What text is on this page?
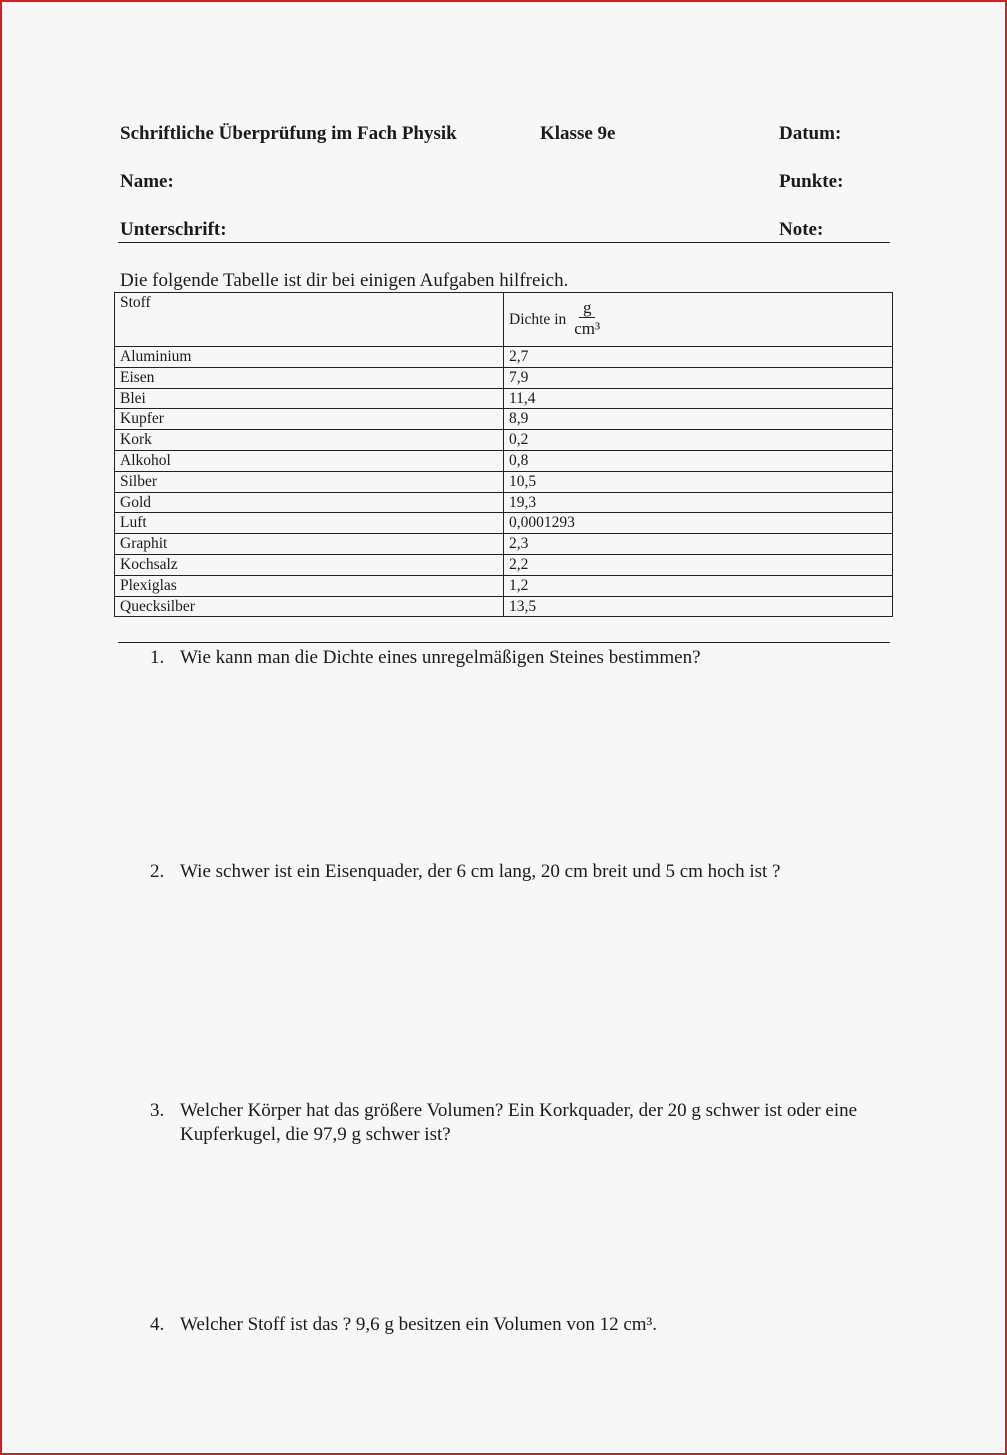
Schriftliche Überprüfung im Fach Physik	Klasse 9e	Datum:
Name:	Punkte:
Unterschrift:	Note:
Die folgende Tabelle ist dir bei einigen Aufgaben hilfreich.
Stoff	Dichte in $\frac{g}{\text{cm³}}$

Aluminium	2,7
Eisen	7,9
Blei	11,4
Kupfer	8,9
Kork	0,2
Alkohol	0,8
Silber	10,5
Gold	19,3
Luft	0,0001293
Graphit	2,3
Kochsalz	2,2
Plexiglas	1,2
Quecksilber	13,5
1. Wie kann man die Dichte eines unregelmäßigen Steines bestimmen?
2. Wie schwer ist ein Eisenquader, der 6 cm lang, 20 cm breit und 5 cm hoch ist ?
3. Welcher Körper hat das größere Volumen? Ein Korkquader, der 20 g schwer ist oder eine Kupferkugel, die 97,9 g schwer ist?
4. Welcher Stoff ist das ? 9,6 g besitzen ein Volumen von 12 cm³.
